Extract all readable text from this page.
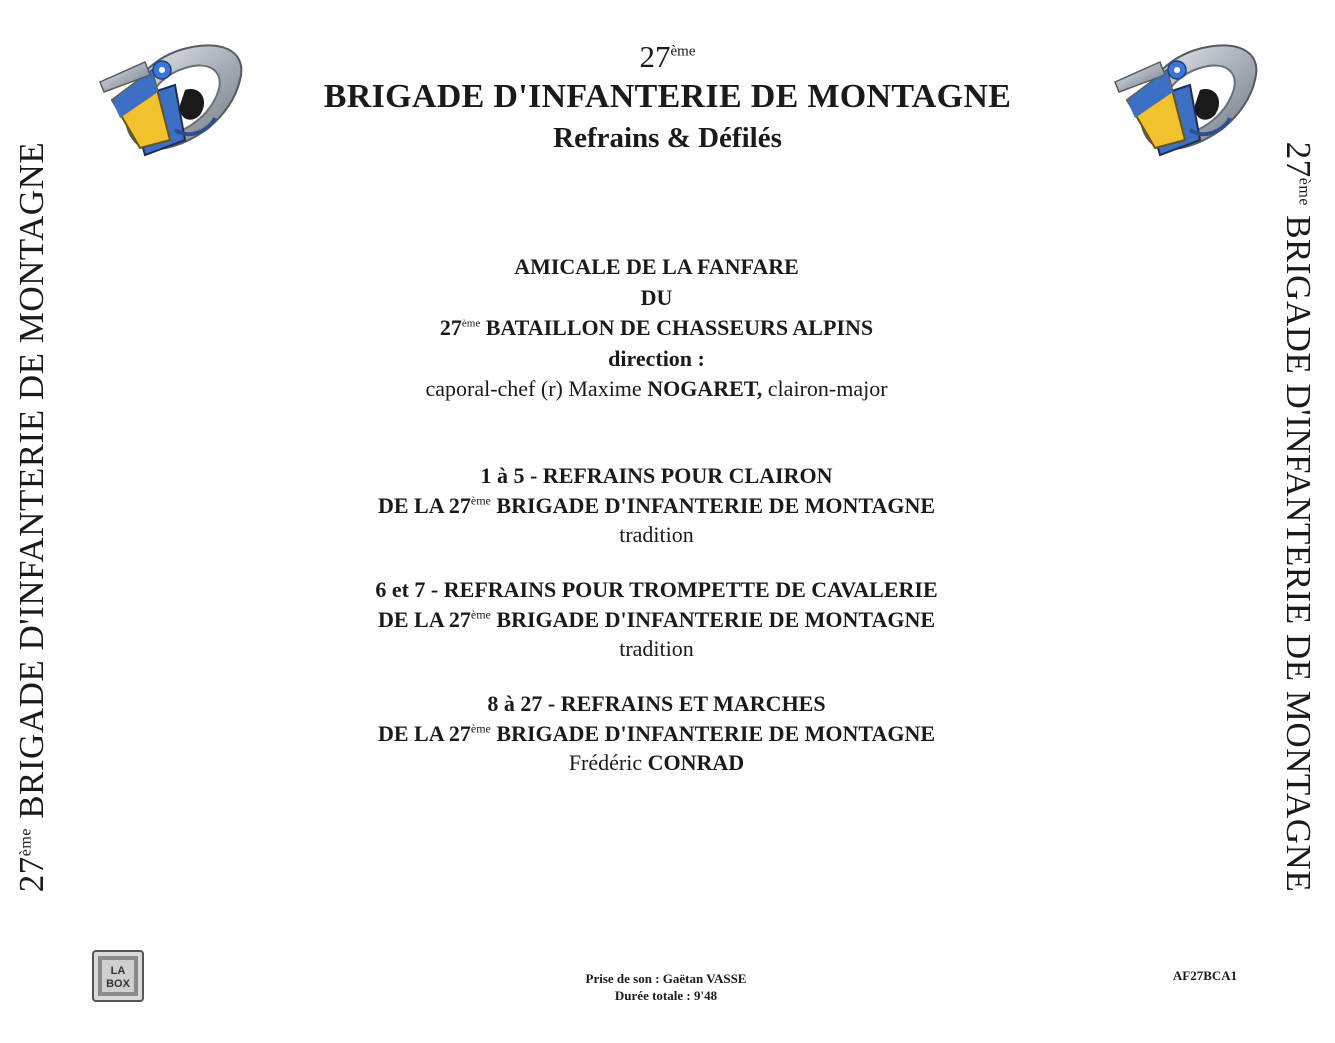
27ème BRIGADE D'INFANTERIE DE MONTAGNE	27ème BRIGADE D'INFANTERIE DE MONTAGNE
27ème
BRIGADE D'INFANTERIE DE MONTAGNE
Refrains & Défilés
AMICALE DE LA FANFARE
DU
27ème BATAILLON DE CHASSEURS ALPINS
direction :
caporal-chef (r) Maxime NOGARET, clairon-major
1 à 5 - REFRAINS POUR CLAIRON
DE LA 27ème BRIGADE D'INFANTERIE DE MONTAGNE
tradition
6 et 7 - REFRAINS POUR TROMPETTE DE CAVALERIE
DE LA 27ème BRIGADE D'INFANTERIE DE MONTAGNE
tradition
8 à 27 - REFRAINS ET MARCHES
DE LA 27ème BRIGADE D'INFANTERIE DE MONTAGNE
Frédéric CONRAD
LA
BOX	Prise de son : Gaëtan VASSE
Durée totale : 9'48
AF27BCA1
